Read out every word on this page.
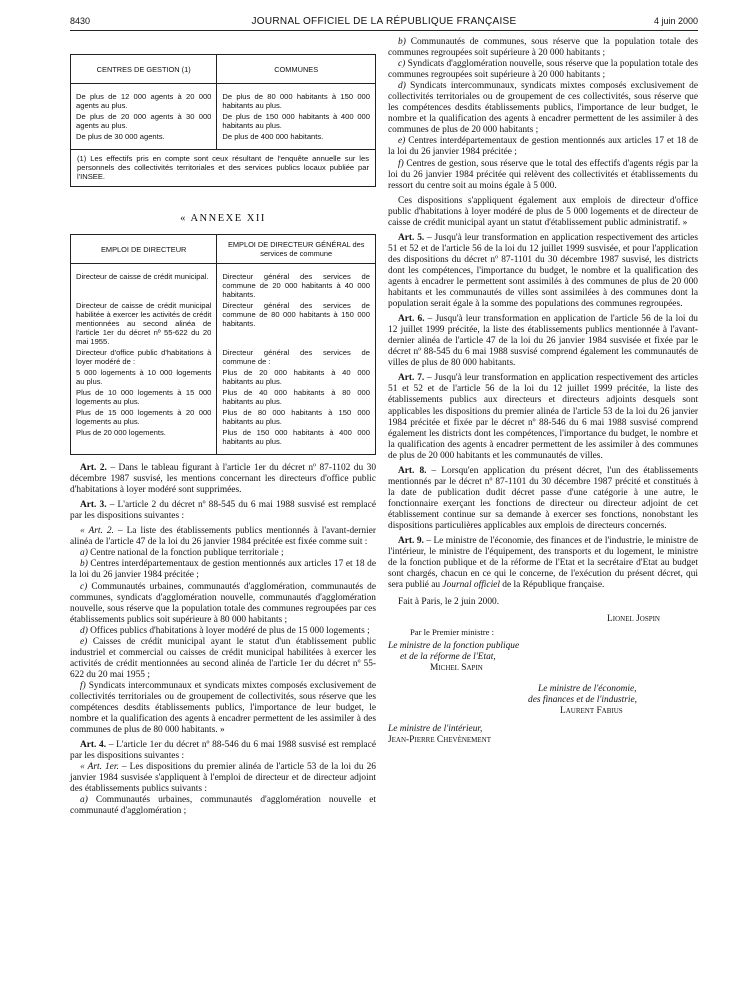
8430	JOURNAL OFFICIEL DE LA RÉPUBLIQUE FRANÇAISE	4 juin 2000
CENTRES DE GESTION (1)	COMMUNES
De plus de 12 000 agents à 20 000 agents au plus.	De plus de 80 000 habitants à 150 000 habitants au plus.
De plus de 20 000 agents à 30 000 agents au plus.	De plus de 150 000 habitants à 400 000 habitants au plus.
De plus de 30 000 agents.	De plus de 400 000 habitants.
(1) Les effectifs pris en compte sont ceux résultant de l'enquête annuelle sur les personnels des collectivités territoriales et des services publics locaux publiée par l'INSEE.
« ANNEXE XII
EMPLOI DE DIRECTEUR	EMPLOI DE DIRECTEUR GÉNÉRAL des services de commune
Directeur de caisse de crédit municipal.	Directeur général des services de commune de 20 000 habitants à 40 000 habitants.
Directeur de caisse de crédit municipal habilitée à exercer les activités de crédit mentionnées au second alinéa de l'article 1er du décret nº 55-622 du 20 mai 1955.	Directeur général des services de commune de 80 000 habitants à 150 000 habitants.
Directeur d'office public d'habitations à loyer modéré de :	Directeur général des services de commune de :
5 000 logements à 10 000 logements au plus.	Plus de 20 000 habitants à 40 000 habitants au plus.
Plus de 10 000 logements à 15 000 logements au plus.	Plus de 40 000 habitants à 80 000 habitants au plus.
Plus de 15 000 logements à 20 000 logements au plus.	Plus de 80 000 habitants à 150 000 habitants au plus.
Plus de 20 000 logements.	Plus de 150 000 habitants à 400 000 habitants au plus.

Art. 2. – Dans le tableau figurant à l'article 1er du décret nº 87-1102 du 30 décembre 1987 susvisé, les mentions concernant les directeurs d'office public d'habitations à loyer modéré sont supprimées.

Art. 3. – L'article 2 du décret nº 88-545 du 6 mai 1988 susvisé est remplacé par les dispositions suivantes :

« Art. 2. – La liste des établissements publics mentionnés à l'avant-dernier alinéa de l'article 47 de la loi du 26 janvier 1984 précitée est fixée comme suit :

a) Centre national de la fonction publique territoriale ;

b) Centres interdépartementaux de gestion mentionnés aux articles 17 et 18 de la loi du 26 janvier 1984 précitée ;

c) Communautés urbaines, communautés d'agglomération, communautés de communes, syndicats d'agglomération nouvelle, communautés d'agglomération nouvelle, sous réserve que la population totale des communes regroupées par ces établissements publics soit supérieure à 80 000 habitants ;

d) Offices publics d'habitations à loyer modéré de plus de 15 000 logements ;

e) Caisses de crédit municipal ayant le statut d'un établissement public industriel et commercial ou caisses de crédit municipal habilitées à exercer les activités de crédit mentionnées au second alinéa de l'article 1er du décret nº 55-622 du 20 mai 1955 ;

f) Syndicats intercommunaux et syndicats mixtes composés exclusivement de collectivités territoriales ou de groupement de collectivités, sous réserve que les compétences desdits établissements publics, l'importance de leur budget, le nombre et la qualification des agents à encadrer permettent de les assimiler à des communes de plus de 80 000 habitants. »

Art. 4. – L'article 1er du décret nº 88-546 du 6 mai 1988 susvisé est remplacé par les dispositions suivantes :

« Art. 1er. – Les dispositions du premier alinéa de l'article 53 de la loi du 26 janvier 1984 susvisée s'appliquent à l'emploi de directeur et de directeur adjoint des établissements publics suivants :

a) Communautés urbaines, communautés d'agglomération nouvelle et communauté d'agglomération ;

b) Communautés de communes, sous réserve que la population totale des communes regroupées soit supérieure à 20 000 habitants ;

c) Syndicats d'agglomération nouvelle, sous réserve que la population totale des communes regroupées soit supérieure à 20 000 habitants ;

d) Syndicats intercommunaux, syndicats mixtes composés exclusivement de collectivités territoriales ou de groupement de ces collectivités, sous réserve que les compétences desdits établissements publics, l'importance de leur budget, le nombre et la qualification des agents à encadrer permettent de les assimiler à des communes de plus de 20 000 habitants ;

e) Centres interdépartementaux de gestion mentionnés aux articles 17 et 18 de la loi du 26 janvier 1984 précitée ;

f) Centres de gestion, sous réserve que le total des effectifs d'agents régis par la loi du 26 janvier 1984 précitée qui relèvent des collectivités et établissements du ressort du centre soit au moins égale à 5 000.

Ces dispositions s'appliquent également aux emplois de directeur d'office public d'habitations à loyer modéré de plus de 5 000 logements et de directeur de caisse de crédit municipal ayant un statut d'établissement public administratif. »

Art. 5. – Jusqu'à leur transformation en application respectivement des articles 51 et 52 et de l'article 56 de la loi du 12 juillet 1999 susvisée, et pour l'application des dispositions du décret nº 87-1101 du 30 décembre 1987 susvisé, les districts dont les compétences, l'importance du budget, le nombre et la qualification des agents à encadrer le permettent sont assimilés à des communes de plus de 20 000 habitants et les communautés de villes sont assimilées à des communes dont la population serait égale à la somme des populations des communes regroupées.

Art. 6. – Jusqu'à leur transformation en application de l'article 56 de la loi du 12 juillet 1999 précitée, la liste des établissements publics mentionnée à l'avant-dernier alinéa de l'article 47 de la loi du 26 janvier 1984 susvisée et fixée par le décret nº 88-545 du 6 mai 1988 susvisé comprend également les communautés de villes de plus de 80 000 habitants.

Art. 7. – Jusqu'à leur transformation en application respectivement des articles 51 et 52 et de l'article 56 de la loi du 12 juillet 1999 précitée, la liste des établissements publics aux directeurs et directeurs adjoints desquels sont applicables les dispositions du premier alinéa de l'article 53 de la loi du 26 janvier 1984 précitée et fixée par le décret nº 88-546 du 6 mai 1988 susvisé comprend également les districts dont les compétences, l'importance du budget, le nombre et la qualification des agents à encadrer permettent de les assimiler à des communes de plus de 20 000 habitants et les communautés de villes.

Art. 8. – Lorsqu'en application du présent décret, l'un des établissements mentionnés par le décret nº 87-1101 du 30 décembre 1987 précité et constitués à la date de publication dudit décret passe d'une catégorie à une autre, le fonctionnaire exerçant les fonctions de directeur ou directeur adjoint de cet établissement continue sur sa demande à exercer ses fonctions, nonobstant les dispositions particulières applicables aux emplois de directeurs concernés.

Art. 9. – Le ministre de l'économie, des finances et de l'industrie, le ministre de l'intérieur, le ministre de l'équipement, des transports et du logement, le ministre de la fonction publique et de la réforme de l'Etat et la secrétaire d'Etat au budget sont chargés, chacun en ce qui le concerne, de l'exécution du présent décret, qui sera publié au Journal officiel de la République française.

Fait à Paris, le 2 juin 2000.
Lionel Jospin
Par le Premier ministre :
Le ministre de la fonction publique
et de la réforme de l'Etat,
Michel Sapin
Le ministre de l'économie,
des finances et de l'industrie,
Laurent Fabius
Le ministre de l'intérieur,
Jean-Pierre Chevènement
